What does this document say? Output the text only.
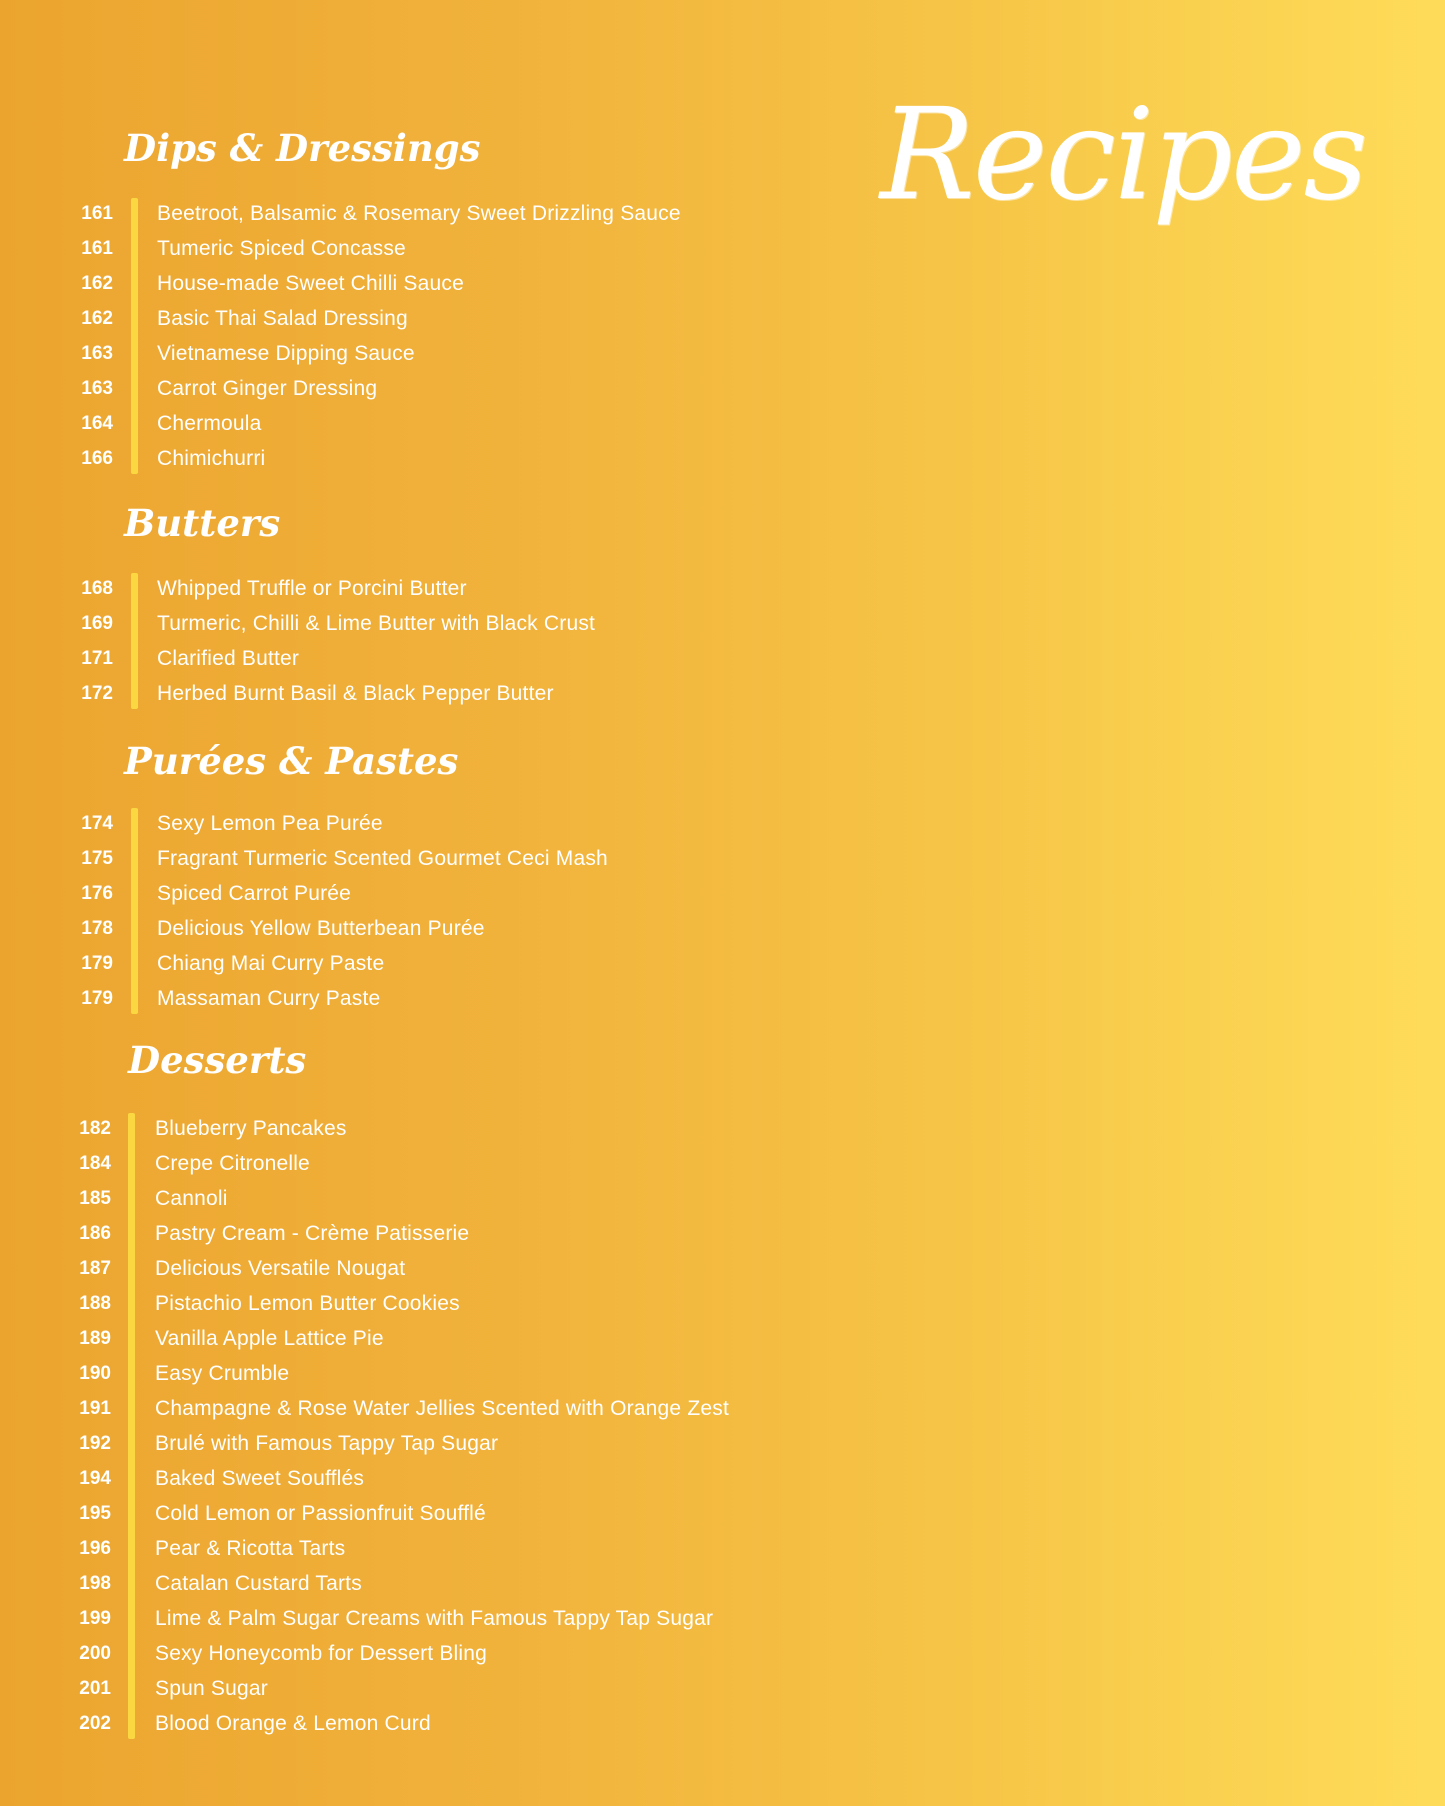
Recipes
Dips & Dressings
161 Beetroot, Balsamic & Rosemary Sweet Drizzling Sauce
161 Tumeric Spiced Concasse
162 House-made Sweet Chilli Sauce
162 Basic Thai Salad Dressing
163 Vietnamese Dipping Sauce
163 Carrot Ginger Dressing
164 Chermoula
166 Chimichurri
Butters
168 Whipped Truffle or Porcini Butter
169 Turmeric, Chilli & Lime Butter with Black Crust
171 Clarified Butter
172 Herbed Burnt Basil & Black Pepper Butter
Purées & Pastes
174 Sexy Lemon Pea Purée
175 Fragrant Turmeric Scented Gourmet Ceci Mash
176 Spiced Carrot Purée
178 Delicious Yellow Butterbean Purée
179 Chiang Mai Curry Paste
179 Massaman Curry Paste
Desserts
182 Blueberry Pancakes
184 Crepe Citronelle
185 Cannoli
186 Pastry Cream - Crème Patisserie
187 Delicious Versatile Nougat
188 Pistachio Lemon Butter Cookies
189 Vanilla Apple Lattice Pie
190 Easy Crumble
191 Champagne & Rose Water Jellies Scented with Orange Zest
192 Brulé with Famous Tappy Tap Sugar
194 Baked Sweet Soufflés
195 Cold Lemon or Passionfruit Soufflé
196 Pear & Ricotta Tarts
198 Catalan Custard Tarts
199 Lime & Palm Sugar Creams with Famous Tappy Tap Sugar
200 Sexy Honeycomb for Dessert Bling
201 Spun Sugar
202 Blood Orange & Lemon Curd
